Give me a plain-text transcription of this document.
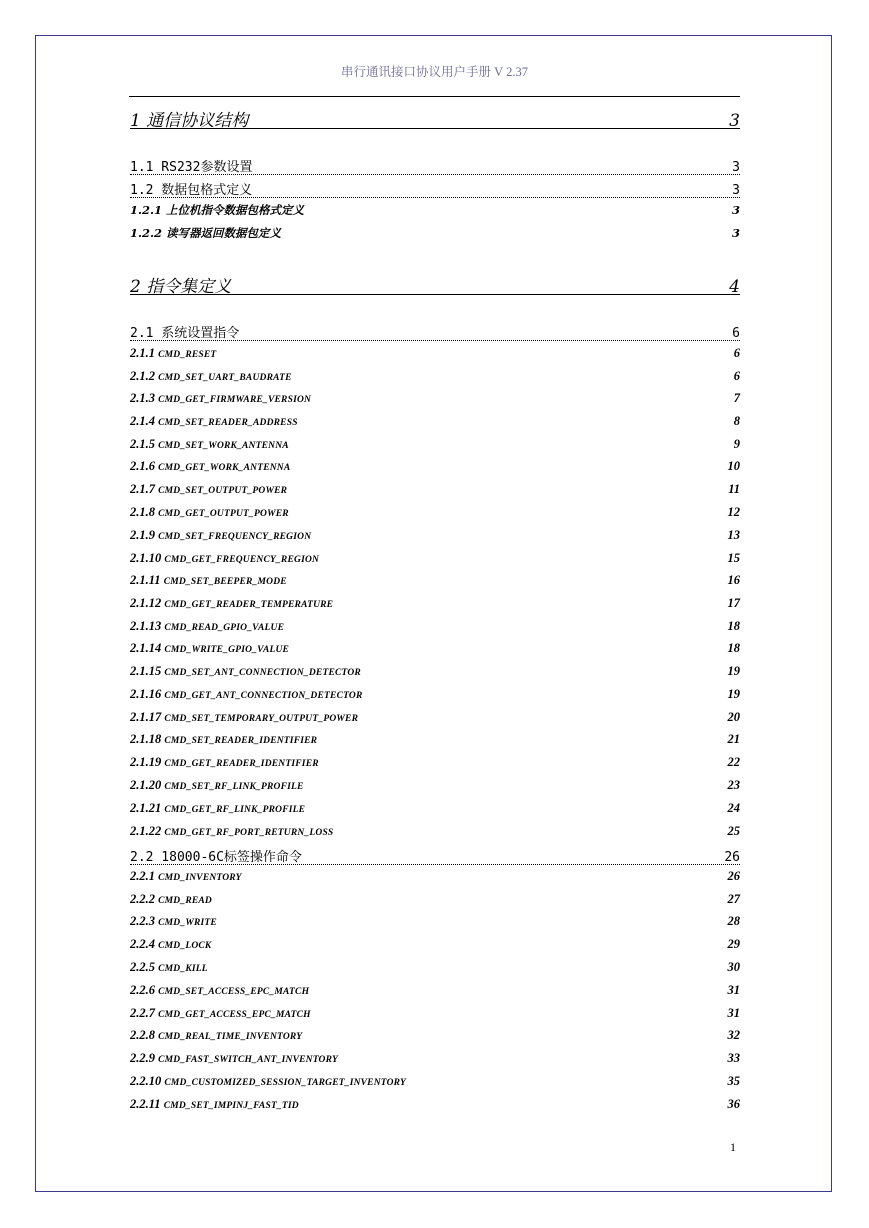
串行通讯接口协议用户手册 V 2.37
1 通信协议结构	3
1.1 RS232参数设置	3
1.2 数据包格式定义	3
1.2.1 上位机指令数据包格式定义	3
1.2.2 读写器返回数据包定义	3
2 指令集定义	4
2.1 系统设置指令	6
2.1.1 CMD_RESET	6
2.1.2 CMD_SET_UART_BAUDRATE	6
2.1.3 CMD_GET_FIRMWARE_VERSION	7
2.1.4 CMD_SET_READER_ADDRESS	8
2.1.5 CMD_SET_WORK_ANTENNA	9
2.1.6 CMD_GET_WORK_ANTENNA	10
2.1.7 CMD_SET_OUTPUT_POWER	11
2.1.8 CMD_GET_OUTPUT_POWER	12
2.1.9 CMD_SET_FREQUENCY_REGION	13
2.1.10 CMD_GET_FREQUENCY_REGION	15
2.1.11 CMD_SET_BEEPER_MODE	16
2.1.12 CMD_GET_READER_TEMPERATURE	17
2.1.13 CMD_READ_GPIO_VALUE	18
2.1.14 CMD_WRITE_GPIO_VALUE	18
2.1.15 CMD_SET_ANT_CONNECTION_DETECTOR	19
2.1.16 CMD_GET_ANT_CONNECTION_DETECTOR	19
2.1.17 CMD_SET_TEMPORARY_OUTPUT_POWER	20
2.1.18 CMD_SET_READER_IDENTIFIER	21
2.1.19 CMD_GET_READER_IDENTIFIER	22
2.1.20 CMD_SET_RF_LINK_PROFILE	23
2.1.21 CMD_GET_RF_LINK_PROFILE	24
2.1.22 CMD_GET_RF_PORT_RETURN_LOSS	25
2.2 18000-6C标签操作命令	26
2.2.1 CMD_INVENTORY	26
2.2.2 CMD_READ	27
2.2.3 CMD_WRITE	28
2.2.4 CMD_LOCK	29
2.2.5 CMD_KILL	30
2.2.6 CMD_SET_ACCESS_EPC_MATCH	31
2.2.7 CMD_GET_ACCESS_EPC_MATCH	31
2.2.8 CMD_REAL_TIME_INVENTORY	32
2.2.9 CMD_FAST_SWITCH_ANT_INVENTORY	33
2.2.10 CMD_CUSTOMIZED_SESSION_TARGET_INVENTORY	35
2.2.11 CMD_SET_IMPINJ_FAST_TID	36
1
